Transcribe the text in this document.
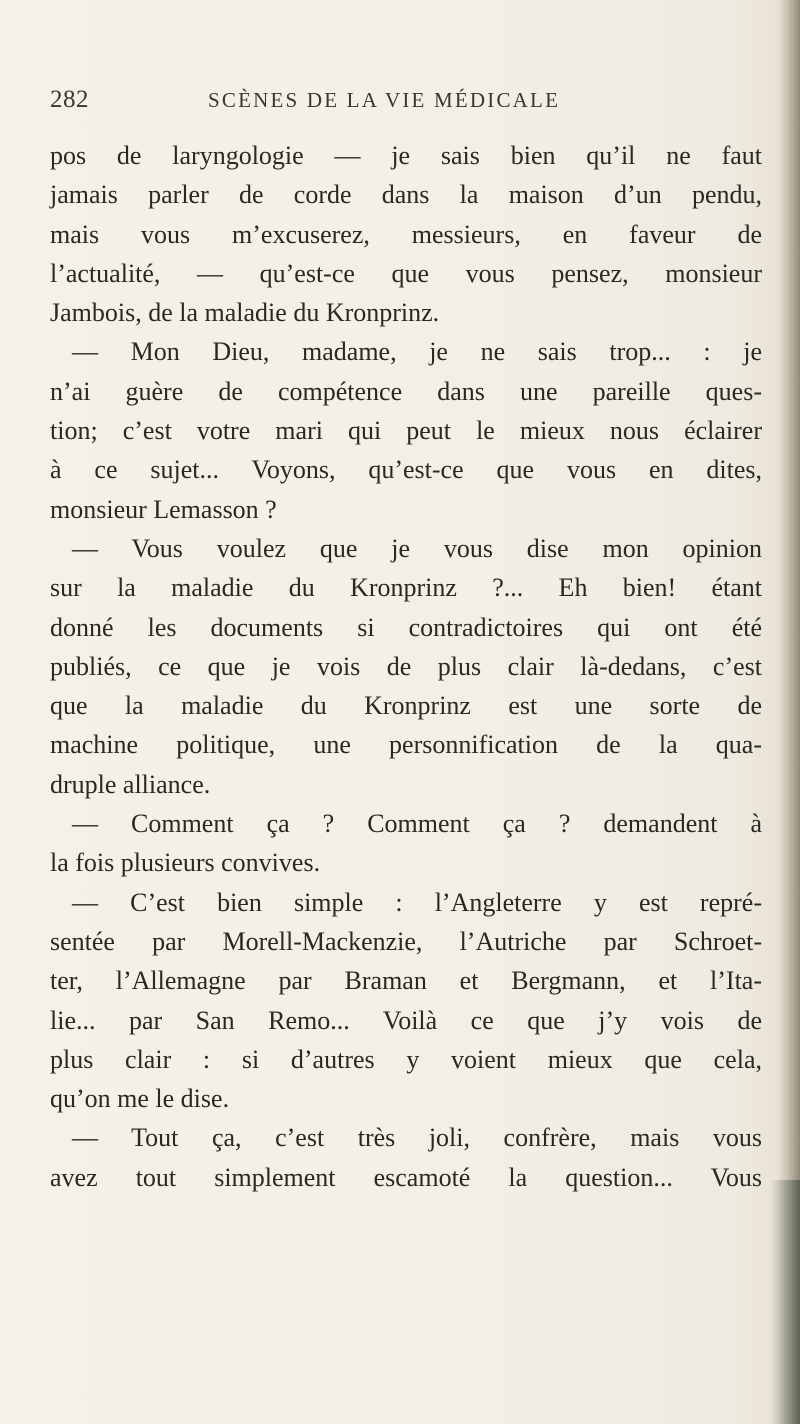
282	SCÈNES DE LA VIE MÉDICALE
pos de laryngologie — je sais bien qu’il ne faut
jamais parler de corde dans la maison d’un pendu,
mais vous m’excuserez, messieurs, en faveur de
l’actualité, — qu’est-ce que vous pensez, monsieur
Jambois, de la maladie du Kronprinz.
— Mon Dieu, madame, je ne sais trop... : je
n’ai guère de compétence dans une pareille ques-
tion; c’est votre mari qui peut le mieux nous éclairer
à ce sujet... Voyons, qu’est-ce que vous en dites,
monsieur Lemasson ?
— Vous voulez que je vous dise mon opinion
sur la maladie du Kronprinz ?... Eh bien! étant
donné les documents si contradictoires qui ont été
publiés, ce que je vois de plus clair là-dedans, c’est
que la maladie du Kronprinz est une sorte de
machine politique, une personnification de la qua-
druple alliance.
— Comment ça ? Comment ça ? demandent à
la fois plusieurs convives.
— C’est bien simple : l’Angleterre y est repré-
sentée par Morell-Mackenzie, l’Autriche par Schroet-
ter, l’Allemagne par Braman et Bergmann, et l’Ita-
lie... par San Remo... Voilà ce que j’y vois de
plus clair : si d’autres y voient mieux que cela,
qu’on me le dise.
— Tout ça, c’est très joli, confrère, mais vous
avez tout simplement escamoté la question... Vous
